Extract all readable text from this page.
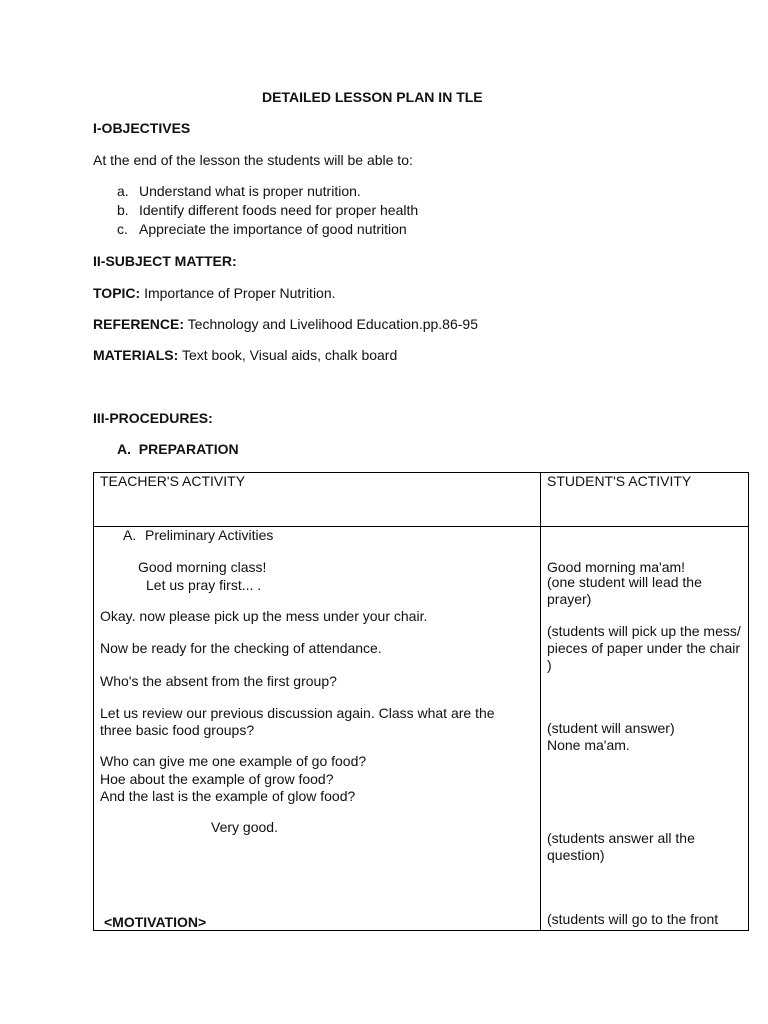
DETAILED LESSON PLAN IN TLE
I-OBJECTIVES
At the end of the lesson the students will be able to:
a. Understand what is proper nutrition.
b. Identify different foods need for proper health
c. Appreciate the importance of good nutrition
II-SUBJECT MATTER:
TOPIC: Importance of Proper Nutrition.
REFERENCE: Technology and Livelihood Education.pp.86-95
MATERIALS: Text book, Visual aids, chalk board
III-PROCEDURES:
A.  PREPARATION
TEACHER'S ACTIVITY	STUDENT'S ACTIVITY
A. Preliminary Activities
Good morning class!
Let us pray first... .
Okay. now please pick up the mess under your chair.
Now be ready for the checking of attendance.
Who's the absent from the first group?
Let us review our previous discussion again. Class what are the three basic food groups?
Who can give me one example of go food?
Hoe about the example of grow food?
And the last is the example of glow food?
Very good.
<MOTIVATION>
Good morning ma'am!
(one student will lead the prayer)
(students will pick up the mess/ pieces of paper under the chair )
(student will answer)
None ma'am.
(students answer all the question)
(students will go to the front
